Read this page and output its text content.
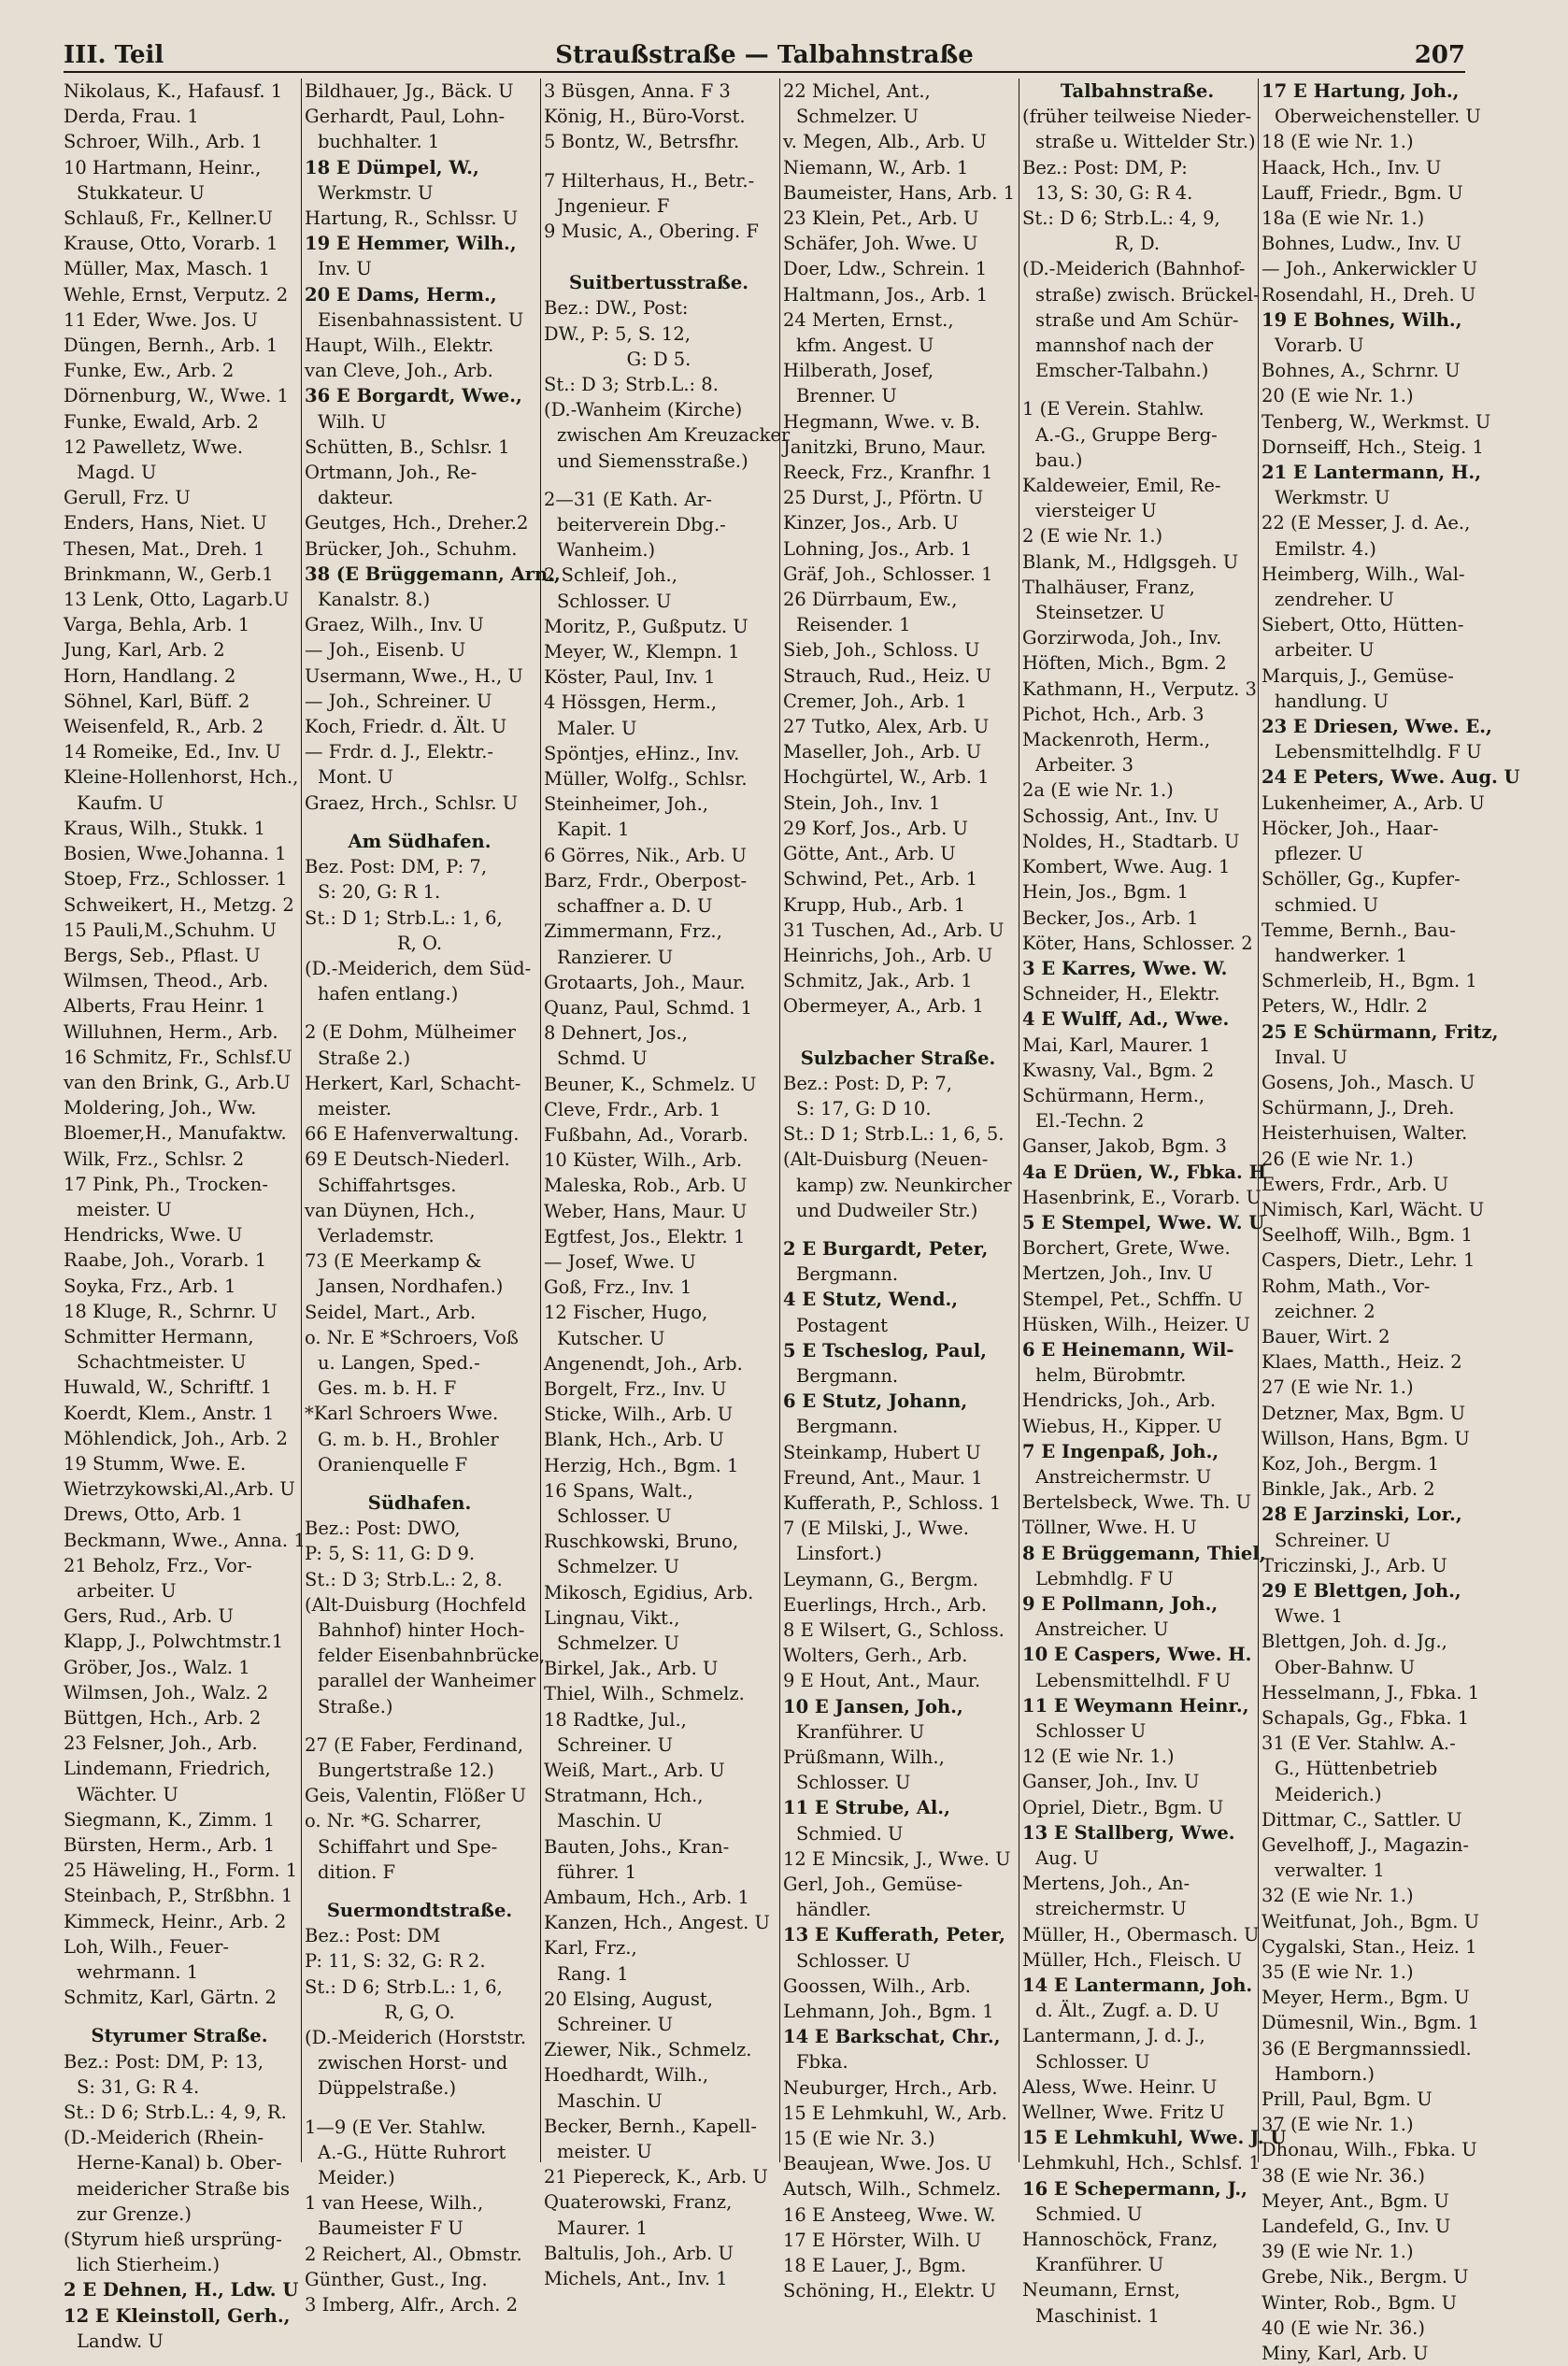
III. Teil	Straußstraße — Talbahnstraße	207
Nikolaus, K., Hafausf. 1
Derda, Frau. 1
Schroer, Wilh., Arb. 1
10 Hartmann, Heinr.,
Stukkateur. U
Schlauß, Fr., Kellner.U
Krause, Otto, Vorarb. 1
Müller, Max, Masch. 1
Wehle, Ernst, Verputz. 2
11 Eder, Wwe. Jos. U
Düngen, Bernh., Arb. 1
Funke, Ew., Arb. 2
Dörnenburg, W., Wwe. 1
Funke, Ewald, Arb. 2
12 Pawelletz, Wwe.
Magd. U
Gerull, Frz. U
Enders, Hans, Niet. U
Thesen, Mat., Dreh. 1
Brinkmann, W., Gerb.1
13 Lenk, Otto, Lagarb.U
Varga, Behla, Arb. 1
Jung, Karl, Arb. 2
Horn, Handlang. 2
Söhnel, Karl, Büff. 2
Weisenfeld, R., Arb. 2
14 Romeike, Ed., Inv. U
Kleine-Hollenhorst, Hch.,
Kaufm. U
Kraus, Wilh., Stukk. 1
Bosien, Wwe.Johanna. 1
Stoep, Frz., Schlosser. 1
Schweikert, H., Metzg. 2
15 Pauli,M.,Schuhm. U
Bergs, Seb., Pflast. U
Wilmsen, Theod., Arb.
Alberts, Frau Heinr. 1
Willuhnen, Herm., Arb.
16 Schmitz, Fr., Schlsf.U
van den Brink, G., Arb.U
Moldering, Joh., Ww.
Bloemer,H., Manufaktw.
Wilk, Frz., Schlsr. 2
17 Pink, Ph., Trocken-
meister. U
Hendricks, Wwe. U
Raabe, Joh., Vorarb. 1
Soyka, Frz., Arb. 1
18 Kluge, R., Schrnr. U
Schmitter Hermann,
Schachtmeister. U
Huwald, W., Schriftf. 1
Koerdt, Klem., Anstr. 1
Möhlendick, Joh., Arb. 2
19 Stumm, Wwe. E.
Wietrzykowski,Al.,Arb. U
Drews, Otto, Arb. 1
Beckmann, Wwe., Anna. 1
21 Beholz, Frz., Vor-
arbeiter. U
Gers, Rud., Arb. U
Klapp, J., Polwchtmstr.1
Gröber, Jos., Walz. 1
Wilmsen, Joh., Walz. 2
Büttgen, Hch., Arb. 2
23 Felsner, Joh., Arb.
Lindemann, Friedrich,
Wächter. U
Siegmann, K., Zimm. 1
Bürsten, Herm., Arb. 1
25 Häweling, H., Form. 1
Steinbach, P., Strßbhn. 1
Kimmeck, Heinr., Arb. 2
Loh, Wilh., Feuer-
wehrmann. 1
Schmitz, Karl, Gärtn. 2
Styrumer Straße.
Bez.: Post: DM, P: 13,
S: 31, G: R 4.
St.: D 6; Strb.L.: 4, 9, R.
(D.-Meiderich (Rhein-
Herne-Kanal) b. Ober-
meidericher Straße bis
zur Grenze.)
(Styrum hieß ursprüng-
lich Stierheim.)
2 E Dehnen, H., Ldw. U
12 E Kleinstoll, Gerh.,
Landw. U
Bildhauer, Jg., Bäck. U
Gerhardt, Paul, Lohn-
buchhalter. 1
18 E Dümpel, W.,
Werkmstr. U
Hartung, R., Schlssr. U
19 E Hemmer, Wilh.,
Inv. U
20 E Dams, Herm.,
Eisenbahnassistent. U
Haupt, Wilh., Elektr.
van Cleve, Joh., Arb.
36 E Borgardt, Wwe.,
Wilh. U
Schütten, B., Schlsr. 1
Ortmann, Joh., Re-
dakteur.
Geutges, Hch., Dreher.2
Brücker, Joh., Schuhm.
38 (E Brüggemann, Arn.,
Kanalstr. 8.)
Graez, Wilh., Inv. U
— Joh., Eisenb. U
Usermann, Wwe., H., U
— Joh., Schreiner. U
Koch, Friedr. d. Ält. U
— Frdr. d. J., Elektr.-
Mont. U
Graez, Hrch., Schlsr. U
Am Südhafen.
Bez. Post: DM, P: 7,
S: 20, G: R 1.
St.: D 1; Strb.L.: 1, 6,
R, O.
(D.-Meiderich, dem Süd-
hafen entlang.)
2 (E Dohm, Mülheimer
Straße 2.)
Herkert, Karl, Schacht-
meister.
66 E Hafenverwaltung.
69 E Deutsch-Niederl.
Schiffahrtsges.
van Düynen, Hch.,
Verlademstr.
73 (E Meerkamp &
Jansen, Nordhafen.)
Seidel, Mart., Arb.
o. Nr. E *Schroers, Voß
u. Langen, Sped.-
Ges. m. b. H. F
*Karl Schroers Wwe.
G. m. b. H., Brohler
Oranienquelle F
Südhafen.
Bez.: Post: DWO,
P: 5, S: 11, G: D 9.
St.: D 3; Strb.L.: 2, 8.
(Alt-Duisburg (Hochfeld
Bahnhof) hinter Hoch-
felder Eisenbahnbrücke,
parallel der Wanheimer
Straße.)
27 (E Faber, Ferdinand,
Bungertstraße 12.)
Geis, Valentin, Flößer U
o. Nr. *G. Scharrer,
Schiffahrt und Spe-
dition. F
Suermondtstraße.
Bez.: Post: DM
P: 11, S: 32, G: R 2.
St.: D 6; Strb.L.: 1, 6,
R, G, O.
(D.-Meiderich (Horststr.
zwischen Horst- und
Düppelstraße.)
1—9 (E Ver. Stahlw.
A.-G., Hütte Ruhrort
Meider.)
1 van Heese, Wilh.,
Baumeister F U
2 Reichert, Al., Obmstr.
Günther, Gust., Ing.
3 Imberg, Alfr., Arch. 2
3 Büsgen, Anna. F 3
König, H., Büro-Vorst.
5 Bontz, W., Betrsfhr.
7 Hilterhaus, H., Betr.-
Jngenieur. F
9 Music, A., Obering. F
Suitbertusstraße.
Bez.: DW., Post:
DW., P: 5, S. 12,
G: D 5.
St.: D 3; Strb.L.: 8.
(D.-Wanheim (Kirche)
zwischen Am Kreuzacker
und Siemensstraße.)
2—31 (E Kath. Ar-
beiterverein Dbg.-
Wanheim.)
2 Schleif, Joh.,
Schlosser. U
Moritz, P., Gußputz. U
Meyer, W., Klempn. 1
Köster, Paul, Inv. 1
4 Hössgen, Herm.,
Maler. U
Spöntjes, eHinz., Inv.
Müller, Wolfg., Schlsr.
Steinheimer, Joh.,
Kapit. 1
6 Görres, Nik., Arb. U
Barz, Frdr., Oberpost-
schaffner a. D. U
Zimmermann, Frz.,
Ranzierer. U
Grotaarts, Joh., Maur.
Quanz, Paul, Schmd. 1
8 Dehnert, Jos.,
Schmd. U
Beuner, K., Schmelz. U
Cleve, Frdr., Arb. 1
Fußbahn, Ad., Vorarb.
10 Küster, Wilh., Arb.
Maleska, Rob., Arb. U
Weber, Hans, Maur. U
Egtfest, Jos., Elektr. 1
— Josef, Wwe. U
Goß, Frz., Inv. 1
12 Fischer, Hugo,
Kutscher. U
Angenendt, Joh., Arb.
Borgelt, Frz., Inv. U
Sticke, Wilh., Arb. U
Blank, Hch., Arb. U
Herzig, Hch., Bgm. 1
16 Spans, Walt.,
Schlosser. U
Ruschkowski, Bruno,
Schmelzer. U
Mikosch, Egidius, Arb.
Lingnau, Vikt.,
Schmelzer. U
Birkel, Jak., Arb. U
Thiel, Wilh., Schmelz.
18 Radtke, Jul.,
Schreiner. U
Weiß, Mart., Arb. U
Stratmann, Hch.,
Maschin. U
Bauten, Johs., Kran-
führer. 1
Ambaum, Hch., Arb. 1
Kanzen, Hch., Angest. U
Karl, Frz.,
Rang. 1
20 Elsing, August,
Schreiner. U
Ziewer, Nik., Schmelz.
Hoedhardt, Wilh.,
Maschin. U
Becker, Bernh., Kapell-
meister. U
21 Piepereck, K., Arb. U
Quaterowski, Franz,
Maurer. 1
Baltulis, Joh., Arb. U
Michels, Ant., Inv. 1
22 Michel, Ant.,
Schmelzer. U
v. Megen, Alb., Arb. U
Niemann, W., Arb. 1
Baumeister, Hans, Arb. 1
23 Klein, Pet., Arb. U
Schäfer, Joh. Wwe. U
Doer, Ldw., Schrein. 1
Haltmann, Jos., Arb. 1
24 Merten, Ernst.,
kfm. Angest. U
Hilberath, Josef,
Brenner. U
Hegmann, Wwe. v. B.
Janitzki, Bruno, Maur.
Reeck, Frz., Kranfhr. 1
25 Durst, J., Pförtn. U
Kinzer, Jos., Arb. U
Lohning, Jos., Arb. 1
Gräf, Joh., Schlosser. 1
26 Dürrbaum, Ew.,
Reisender. 1
Sieb, Joh., Schloss. U
Strauch, Rud., Heiz. U
Cremer, Joh., Arb. 1
27 Tutko, Alex, Arb. U
Maseller, Joh., Arb. U
Hochgürtel, W., Arb. 1
Stein, Joh., Inv. 1
29 Korf, Jos., Arb. U
Götte, Ant., Arb. U
Schwind, Pet., Arb. 1
Krupp, Hub., Arb. 1
31 Tuschen, Ad., Arb. U
Heinrichs, Joh., Arb. U
Schmitz, Jak., Arb. 1
Obermeyer, A., Arb. 1
Sulzbacher Straße.
Bez.: Post: D, P: 7,
S: 17, G: D 10.
St.: D 1; Strb.L.: 1, 6, 5.
(Alt-Duisburg (Neuen-
kamp) zw. Neunkircher
und Dudweiler Str.)
2 E Burgardt, Peter,
Bergmann.
4 E Stutz, Wend.,
Postagent
5 E Tscheslog, Paul,
Bergmann.
6 E Stutz, Johann,
Bergmann.
Steinkamp, Hubert U
Freund, Ant., Maur. 1
Kufferath, P., Schloss. 1
7 (E Milski, J., Wwe.
Linsfort.)
Leymann, G., Bergm.
Euerlings, Hrch., Arb.
8 E Wilsert, G., Schloss.
Wolters, Gerh., Arb.
9 E Hout, Ant., Maur.
10 E Jansen, Joh.,
Kranführer. U
Prüßmann, Wilh.,
Schlosser. U
11 E Strube, Al.,
Schmied. U
12 E Mincsik, J., Wwe. U
Gerl, Joh., Gemüse-
händler.
13 E Kufferath, Peter,
Schlosser. U
Goossen, Wilh., Arb.
Lehmann, Joh., Bgm. 1
14 E Barkschat, Chr.,
Fbka.
Neuburger, Hrch., Arb.
15 E Lehmkuhl, W., Arb.
15 (E wie Nr. 3.)
Beaujean, Wwe. Jos. U
Autsch, Wilh., Schmelz.
16 E Ansteeg, Wwe. W.
17 E Hörster, Wilh. U
18 E Lauer, J., Bgm.
Schöning, H., Elektr. U
Talbahnstraße.
(früher teilweise Nieder-
straße u. Wittelder Str.)
Bez.: Post: DM, P:
13, S: 30, G: R 4.
St.: D 6; Strb.L.: 4, 9,
R, D.
(D.-Meiderich (Bahnhof-
straße) zwisch. Brückel-
straße und Am Schür-
mannshof nach der
Emscher-Talbahn.)
1 (E Verein. Stahlw.
A.-G., Gruppe Berg-
bau.)
Kaldeweier, Emil, Re-
viersteiger U
2 (E wie Nr. 1.)
Blank, M., Hdlgsgeh. U
Thalhäuser, Franz,
Steinsetzer. U
Gorzirwoda, Joh., Inv.
Höften, Mich., Bgm. 2
Kathmann, H., Verputz. 3
Pichot, Hch., Arb. 3
Mackenroth, Herm.,
Arbeiter. 3
2a (E wie Nr. 1.)
Schossig, Ant., Inv. U
Noldes, H., Stadtarb. U
Kombert, Wwe. Aug. 1
Hein, Jos., Bgm. 1
Becker, Jos., Arb. 1
Köter, Hans, Schlosser. 2
3 E Karres, Wwe. W.
Schneider, H., Elektr.
4 E Wulff, Ad., Wwe.
Mai, Karl, Maurer. 1
Kwasny, Val., Bgm. 2
Schürmann, Herm.,
El.-Techn. 2
Ganser, Jakob, Bgm. 3
4a E Drüen, W., Fbka. H
Hasenbrink, E., Vorarb. U
5 E Stempel, Wwe. W. U
Borchert, Grete, Wwe.
Mertzen, Joh., Inv. U
Stempel, Pet., Schffn. U
Hüsken, Wilh., Heizer. U
6 E Heinemann, Wil-
helm, Bürobmtr.
Hendricks, Joh., Arb.
Wiebus, H., Kipper. U
7 E Ingenpaß, Joh.,
Anstreichermstr. U
Bertelsbeck, Wwe. Th. U
Töllner, Wwe. H. U
8 E Brüggemann, Thiel,
Lebmhdlg. F U
9 E Pollmann, Joh.,
Anstreicher. U
10 E Caspers, Wwe. H.
Lebensmittelhdl. F U
11 E Weymann Heinr.,
Schlosser U
12 (E wie Nr. 1.)
Ganser, Joh., Inv. U
Opriel, Dietr., Bgm. U
13 E Stallberg, Wwe.
Aug. U
Mertens, Joh., An-
streichermstr. U
Müller, H., Obermasch. U
Müller, Hch., Fleisch. U
14 E Lantermann, Joh.
d. Ält., Zugf. a. D. U
Lantermann, J. d. J.,
Schlosser. U
Aless, Wwe. Heinr. U
Wellner, Wwe. Fritz U
15 E Lehmkuhl, Wwe. J. U
Lehmkuhl, Hch., Schlsf. 1
16 E Schepermann, J.,
Schmied. U
Hannoschöck, Franz,
Kranführer. U
Neumann, Ernst,
Maschinist. 1
17 E Hartung, Joh.,
Oberweichensteller. U
18 (E wie Nr. 1.)
Haack, Hch., Inv. U
Lauff, Friedr., Bgm. U
18a (E wie Nr. 1.)
Bohnes, Ludw., Inv. U
— Joh., Ankerwickler U
Rosendahl, H., Dreh. U
19 E Bohnes, Wilh.,
Vorarb. U
Bohnes, A., Schrnr. U
20 (E wie Nr. 1.)
Tenberg, W., Werkmst. U
Dornseiff, Hch., Steig. 1
21 E Lantermann, H.,
Werkmstr. U
22 (E Messer, J. d. Ae.,
Emilstr. 4.)
Heimberg, Wilh., Wal-
zendreher. U
Siebert, Otto, Hütten-
arbeiter. U
Marquis, J., Gemüse-
handlung. U
23 E Driesen, Wwe. E.,
Lebensmittelhdlg. F U
24 E Peters, Wwe. Aug. U
Lukenheimer, A., Arb. U
Höcker, Joh., Haar-
pflezer. U
Schöller, Gg., Kupfer-
schmied. U
Temme, Bernh., Bau-
handwerker. 1
Schmerleib, H., Bgm. 1
Peters, W., Hdlr. 2
25 E Schürmann, Fritz,
Inval. U
Gosens, Joh., Masch. U
Schürmann, J., Dreh.
Heisterhuisen, Walter.
26 (E wie Nr. 1.)
Ewers, Frdr., Arb. U
Nimisch, Karl, Wächt. U
Seelhoff, Wilh., Bgm. 1
Caspers, Dietr., Lehr. 1
Rohm, Math., Vor-
zeichner. 2
Bauer, Wirt. 2
Klaes, Matth., Heiz. 2
27 (E wie Nr. 1.)
Detzner, Max, Bgm. U
Willson, Hans, Bgm. U
Koz, Joh., Bergm. 1
Binkle, Jak., Arb. 2
28 E Jarzinski, Lor.,
Schreiner. U
Triczinski, J., Arb. U
29 E Blettgen, Joh.,
Wwe. 1
Blettgen, Joh. d. Jg.,
Ober-Bahnw. U
Hesselmann, J., Fbka. 1
Schapals, Gg., Fbka. 1
31 (E Ver. Stahlw. A.-
G., Hüttenbetrieb
Meiderich.)
Dittmar, C., Sattler. U
Gevelhoff, J., Magazin-
verwalter. 1
32 (E wie Nr. 1.)
Weitfunat, Joh., Bgm. U
Cygalski, Stan., Heiz. 1
35 (E wie Nr. 1.)
Meyer, Herm., Bgm. U
Dümesnil, Win., Bgm. 1
36 (E Bergmannssiedl.
Hamborn.)
Prill, Paul, Bgm. U
37 (E wie Nr. 1.)
Dhonau, Wilh., Fbka. U
38 (E wie Nr. 36.)
Meyer, Ant., Bgm. U
Landefeld, G., Inv. U
39 (E wie Nr. 1.)
Grebe, Nik., Bergm. U
Winter, Rob., Bgm. U
40 (E wie Nr. 36.)
Miny, Karl, Arb. U
